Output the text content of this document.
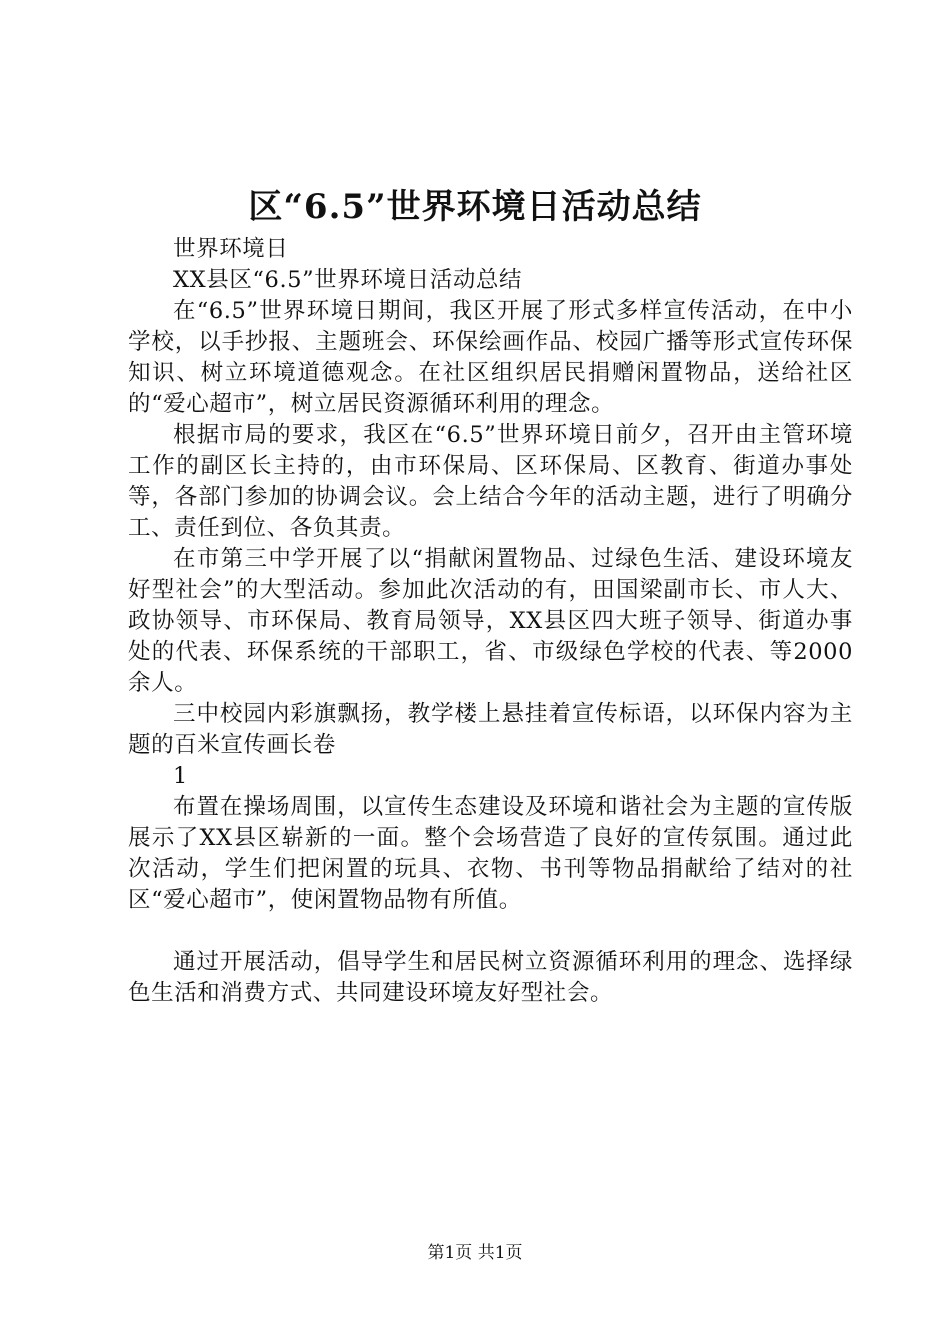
区“6.5”世界环境日活动总结

世界环境日

XX县区“6.5”世界环境日活动总结

在“6.5”世界环境日期间，我区开展了形式多样宣传活动，在中小学校，以手抄报、主题班会、环保绘画作品、校园广播等形式宣传环保知识、树立环境道德观念。在社区组织居民捐赠闲置物品，送给社区的“爱心超市”，树立居民资源循环利用的理念。

根据市局的要求，我区在“6.5”世界环境日前夕，召开由主管环境工作的副区长主持的，由市环保局、区环保局、区教育、街道办事处等，各部门参加的协调会议。会上结合今年的活动主题，进行了明确分工、责任到位、各负其责。

在市第三中学开展了以“捐献闲置物品、过绿色生活、建设环境友好型社会”的大型活动。参加此次活动的有，田国梁副市长、市人大、政协领导、市环保局、教育局领导，XX县区四大班子领导、街道办事处的代表、环保系统的干部职工，省、市级绿色学校的代表、等2000余人。

三中校园内彩旗飘扬，教学楼上悬挂着宣传标语，以环保内容为主题的百米宣传画长卷

1

布置在操场周围，以宣传生态建设及环境和谐社会为主题的宣传版展示了XX县区崭新的一面。整个会场营造了良好的宣传氛围。通过此次活动，学生们把闲置的玩具、衣物、书刊等物品捐献给了结对的社区“爱心超市”，使闲置物品物有所值。

通过开展活动，倡导学生和居民树立资源循环利用的理念、选择绿色生活和消费方式、共同建设环境友好型社会。

第1页 共1页
